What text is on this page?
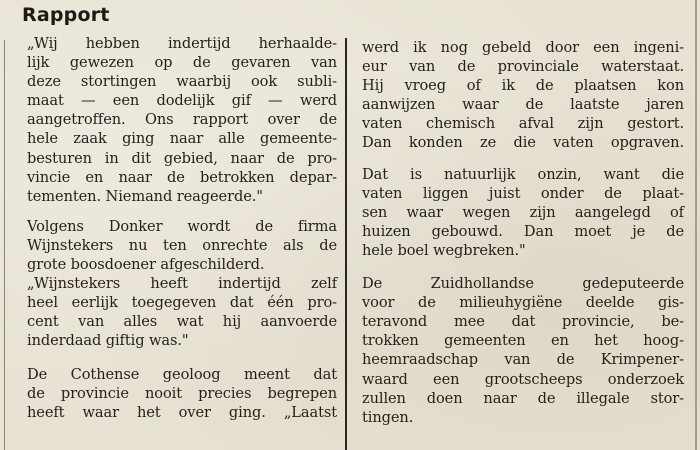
Rapport

„Wij hebben indertijd herhaalde-
lijk gewezen op de gevaren van
deze stortingen waarbij ook subli-
maat — een dodelijk gif — werd
aangetroffen. Ons rapport over de
hele zaak ging naar alle gemeente-
besturen in dit gebied, naar de pro-
vincie en naar de betrokken depar-
tementen. Niemand reageerde."

Volgens Donker wordt de firma
Wijnstekers nu ten onrechte als de
grote boosdoener afgeschilderd.
„Wijnstekers heeft indertijd zelf
heel eerlijk toegegeven dat één pro-
cent van alles wat hij aanvoerde
inderdaad giftig was."

De Cothense geoloog meent dat
de provincie nooit precies begrepen
heeft waar het over ging. „Laatst

werd ik nog gebeld door een ingeni-
eur van de provinciale waterstaat.
Hij vroeg of ik de plaatsen kon
aanwijzen waar de laatste jaren
vaten chemisch afval zijn gestort.
Dan konden ze die vaten opgraven.

Dat is natuurlijk onzin, want die
vaten liggen juist onder de plaat-
sen waar wegen zijn aangelegd of
huizen gebouwd. Dan moet je de
hele boel wegbreken."

De Zuidhollandse gedeputeerde
voor de milieuhygiëne deelde gis-
teravond mee dat provincie, be-
trokken gemeenten en het hoog-
heemraadschap van de Krimpener-
waard een grootscheeps onderzoek
zullen doen naar de illegale stor-
tingen.
